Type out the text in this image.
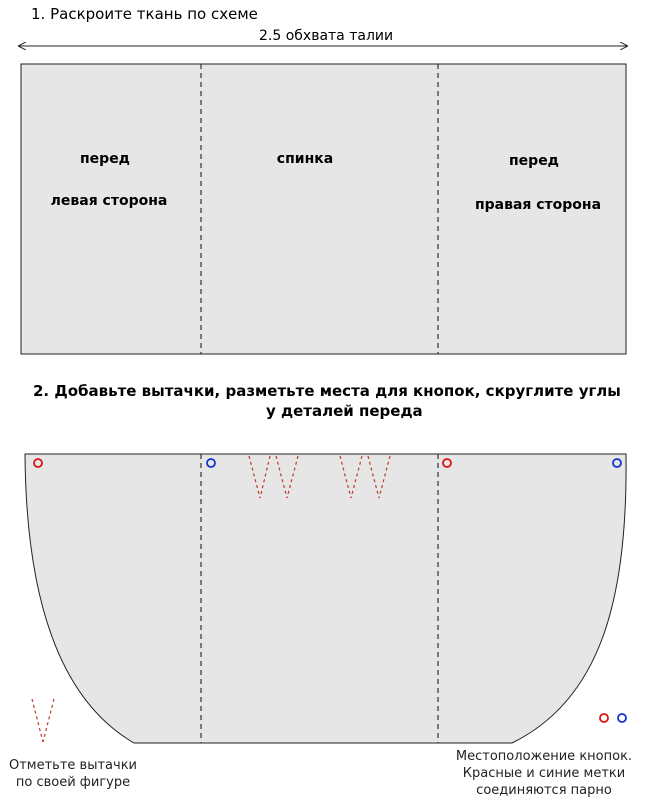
1. Раскроите ткань по схеме
2.5 обхвата талии
перед
левая сторона
спинка	перед
правая сторона
2. Добавьте вытачки, разметьте места для кнопок, скруглите углы
у деталей переда
Отметьте вытачки
по своей фигуре
Местоположение кнопок.
Красные и синие метки
соединяются парно
